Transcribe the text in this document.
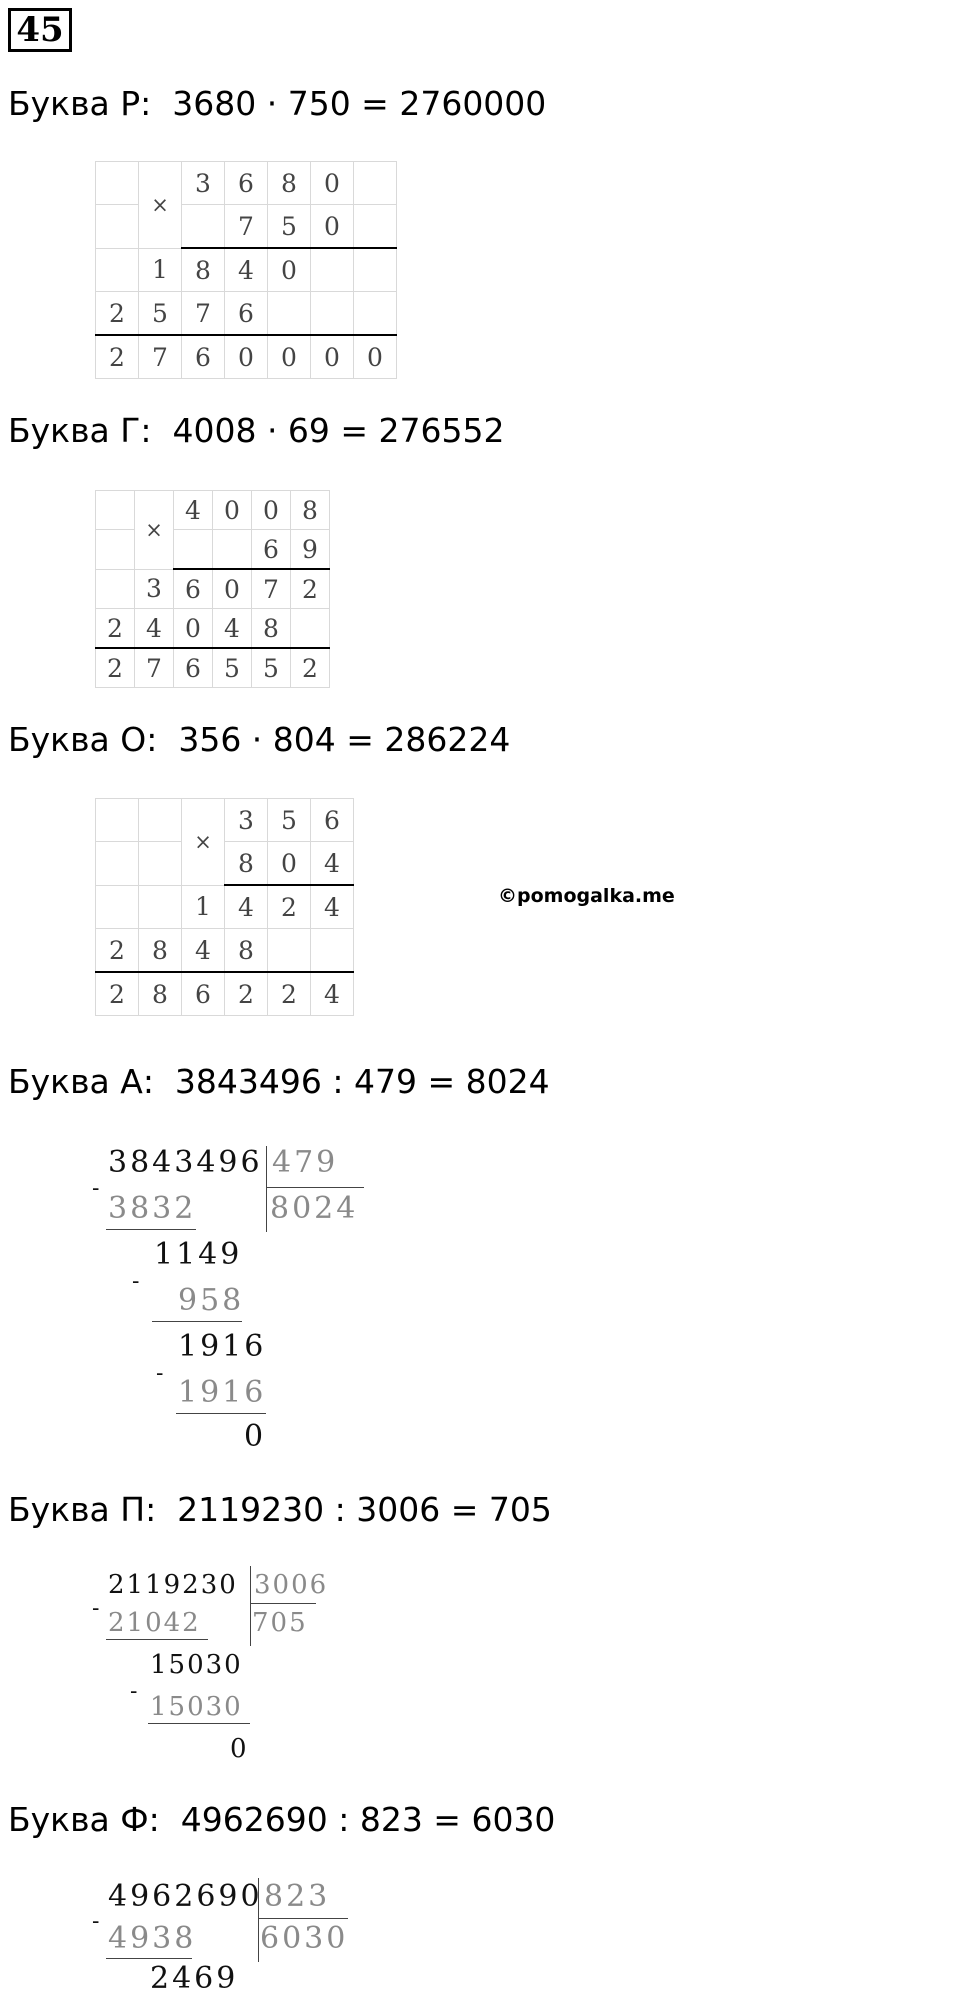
45
Буква Р:  3680 · 750 = 2760000
	×	3	6	8	0	
			7	5	0	
	1	8	4	0		
2	5	7	6			
2	7	6	0	0	0	0
Буква Г:  4008 · 69 = 276552
	×	4	0	0	8
				6	9
	3	6	0	7	2
2	4	0	4	8	
2	7	6	5	5	2
Буква О:  356 · 804 = 286224
		×	3	5	6
			8	0	4
		1	4	2	4
2	8	4	8		
2	8	6	2	2	4
©pomogalka.me
Буква А:  3843496 : 479 = 8024
-
3843496 479
8024
3832
1149
-
958
1916
-
1916
0
Буква П:  2119230 : 3006 = 705
-
2119230 3006
705
21042
15030
-
15030
0
Буква Ф:  4962690 : 823 = 6030
-
4962690 823
6030
4938
2469
